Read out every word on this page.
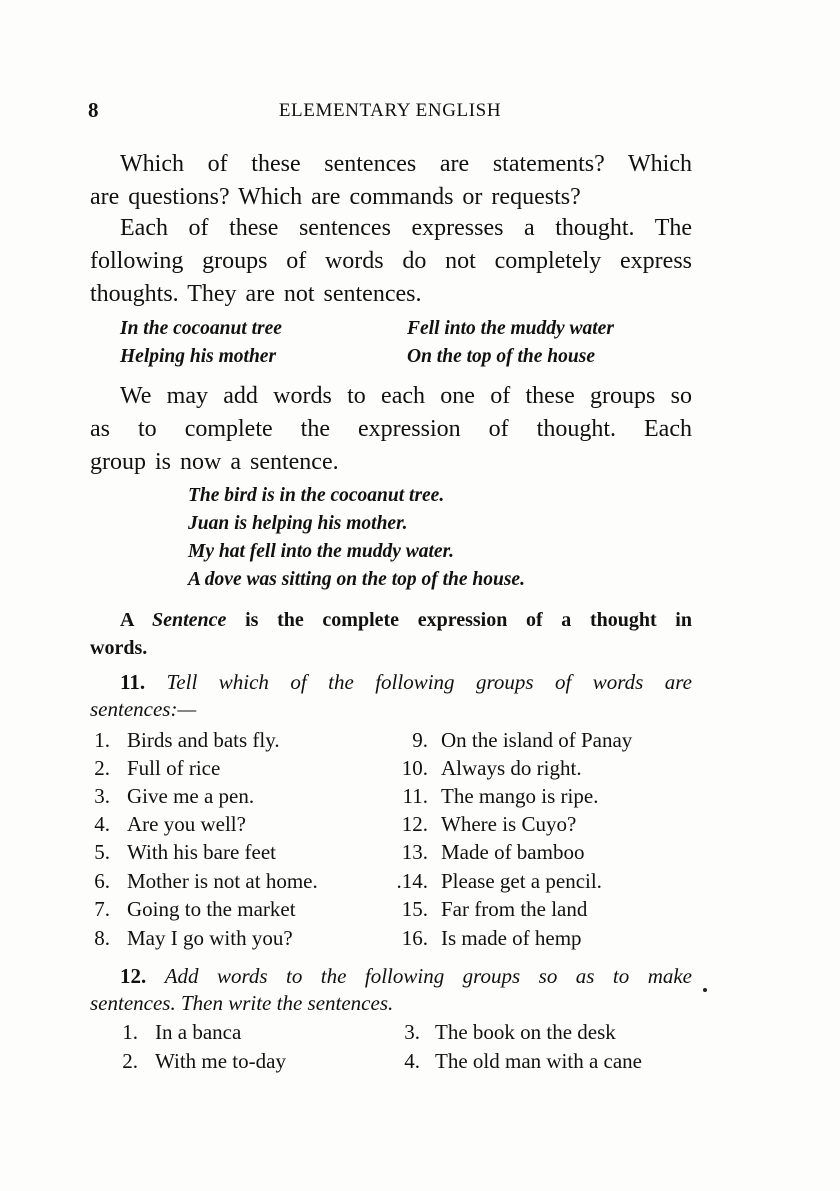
8	ELEMENTARY ENGLISH
Which of these sentences are statements? Which
are questions? Which are commands or requests?
Each of these sentences expresses a thought. The
following groups of words do not completely express
thoughts. They are not sentences.
In the cocoanut tree
Helping his mother
Fell into the muddy water
On the top of the house
We may add words to each one of these groups so
as to complete the expression of thought. Each
group is now a sentence.
The bird is in the cocoanut tree.
Juan is helping his mother.
My hat fell into the muddy water.
A dove was sitting on the top of the house.
A Sentence is the complete expression of a thought in
words.
11. Tell which of the following groups of words are
sentences:—
1. Birds and bats fly.
2. Full of rice
3. Give me a pen.
4. Are you well?
5. With his bare feet
6. Mother is not at home.
7. Going to the market
8. May I go with you?
9. On the island of Panay
10. Always do right.
11. The mango is ripe.
12. Where is Cuyo?
13. Made of bamboo
.14. Please get a pencil.
15. Far from the land
16. Is made of hemp
12. Add words to the following groups so as to make
sentences. Then write the sentences.
1. In a banca
2. With me to-day
3. The book on the desk
4. The old man with a cane
